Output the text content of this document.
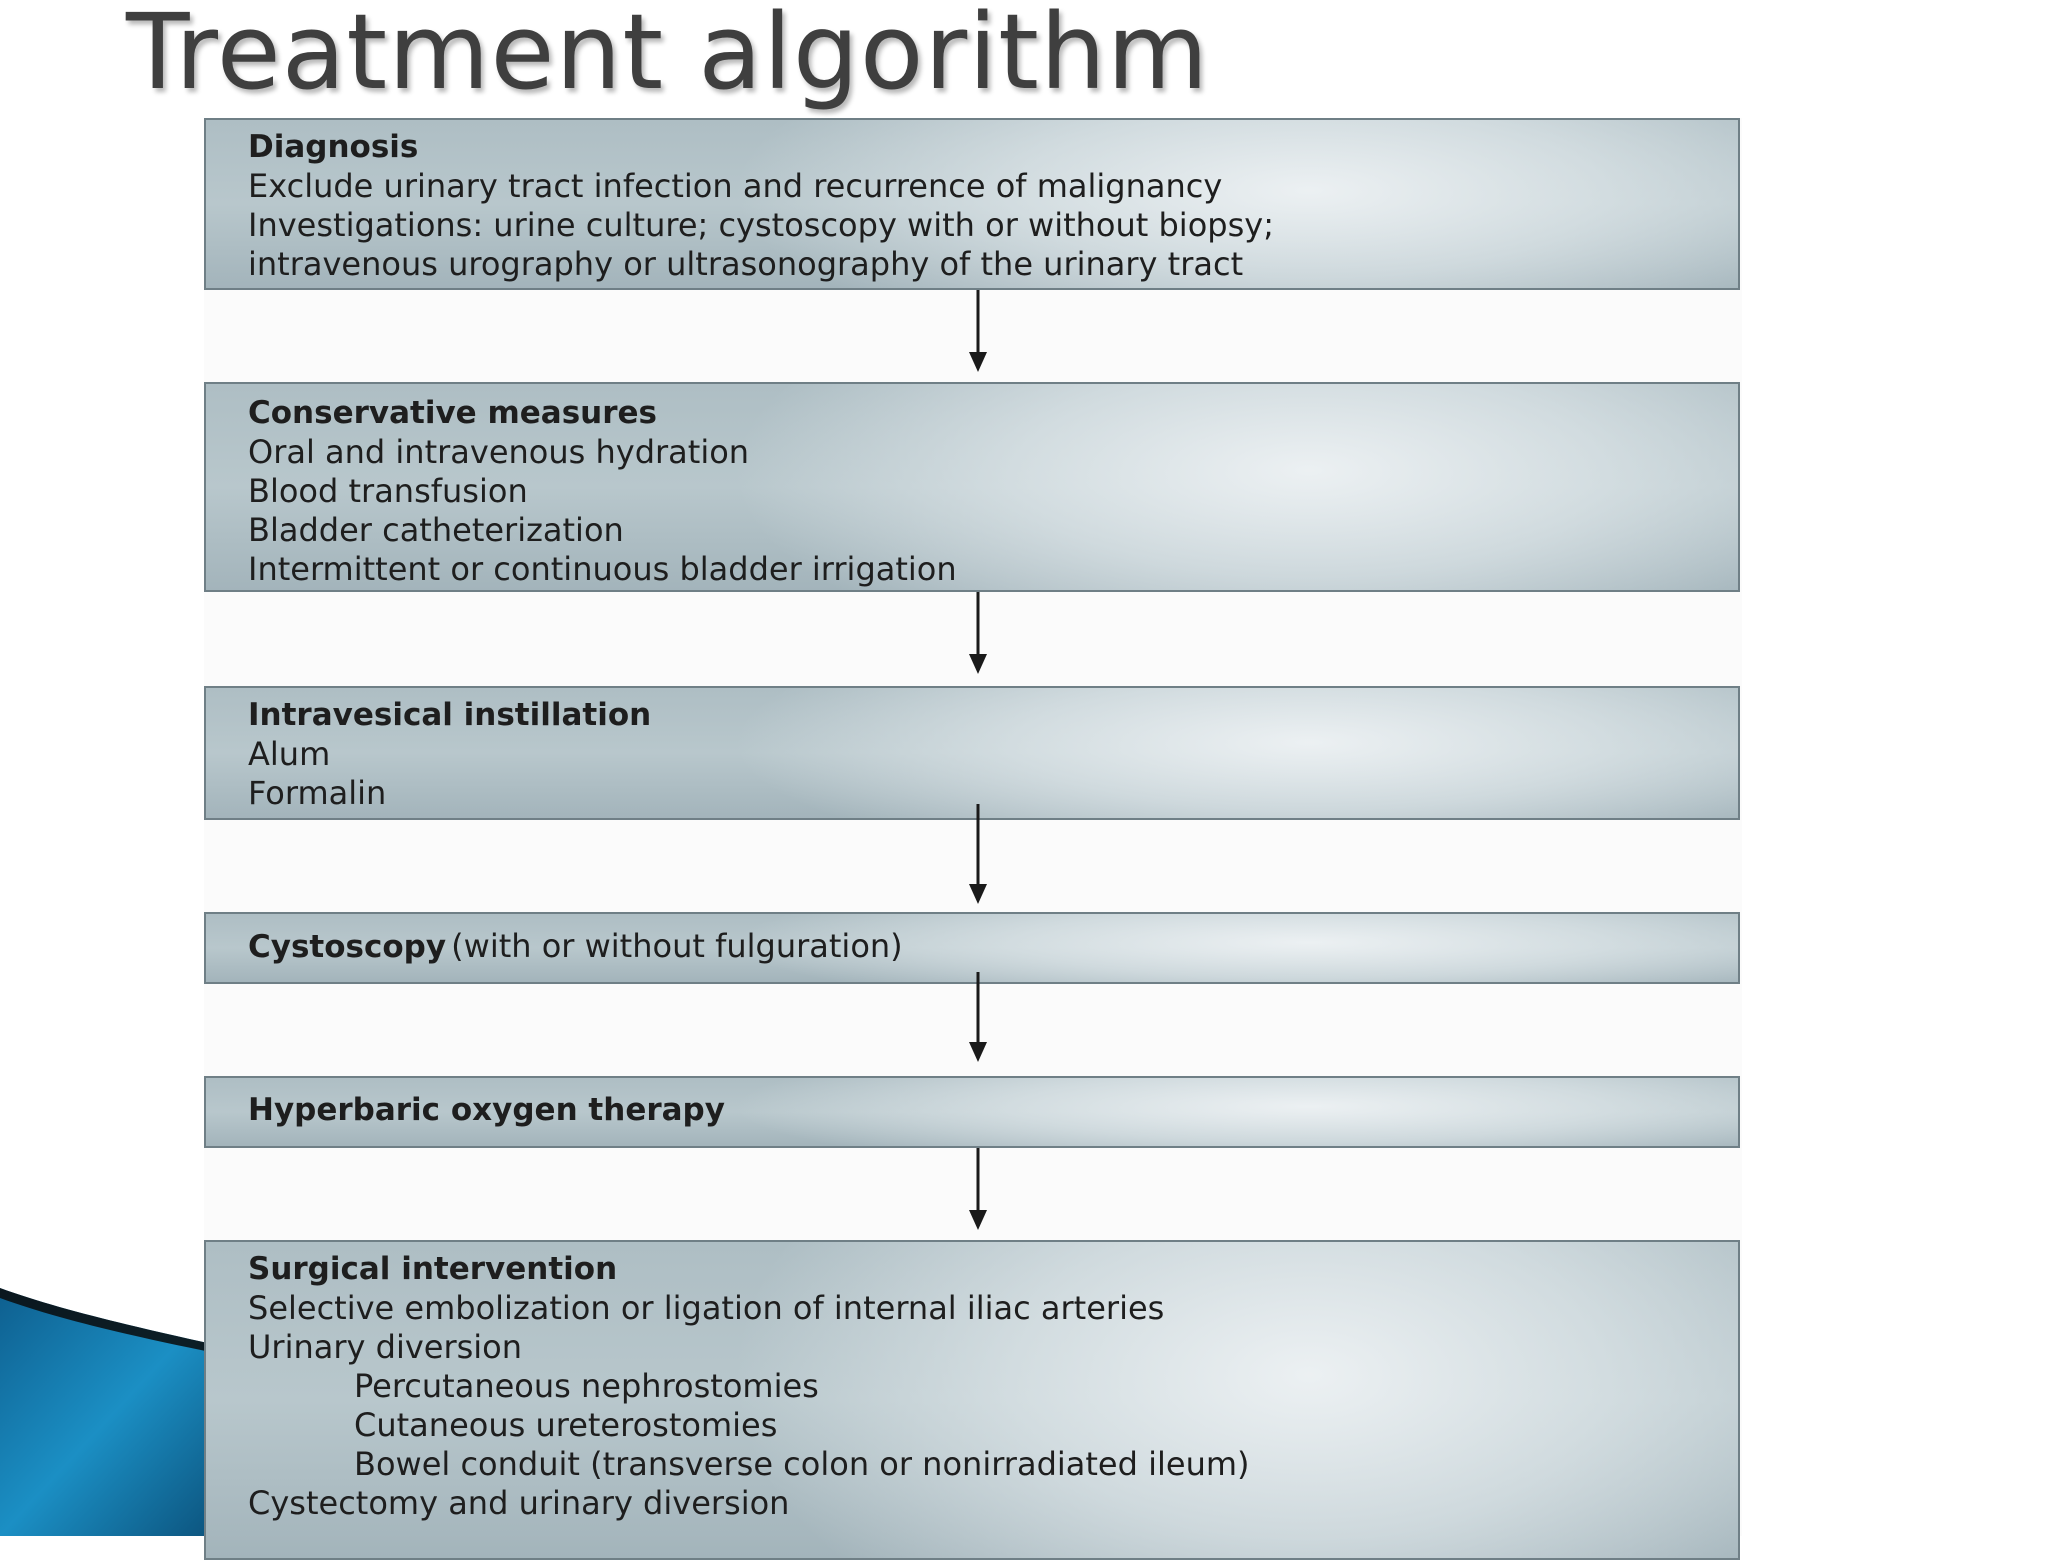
Treatment algorithm
Diagnosis
Exclude urinary tract infection and recurrence of malignancy
Investigations: urine culture; cystoscopy with or without biopsy;
intravenous urography or ultrasonography of the urinary tract
Conservative measures
Oral and intravenous hydration
Blood transfusion
Bladder catheterization
Intermittent or continuous bladder irrigation
Intravesical instillation
Alum
Formalin
Cystoscopy (with or without fulguration)
Hyperbaric oxygen therapy
Surgical intervention
Selective embolization or ligation of internal iliac arteries
Urinary diversion
Percutaneous nephrostomies
Cutaneous ureterostomies
Bowel conduit (transverse colon or nonirradiated ileum)
Cystectomy and urinary diversion
